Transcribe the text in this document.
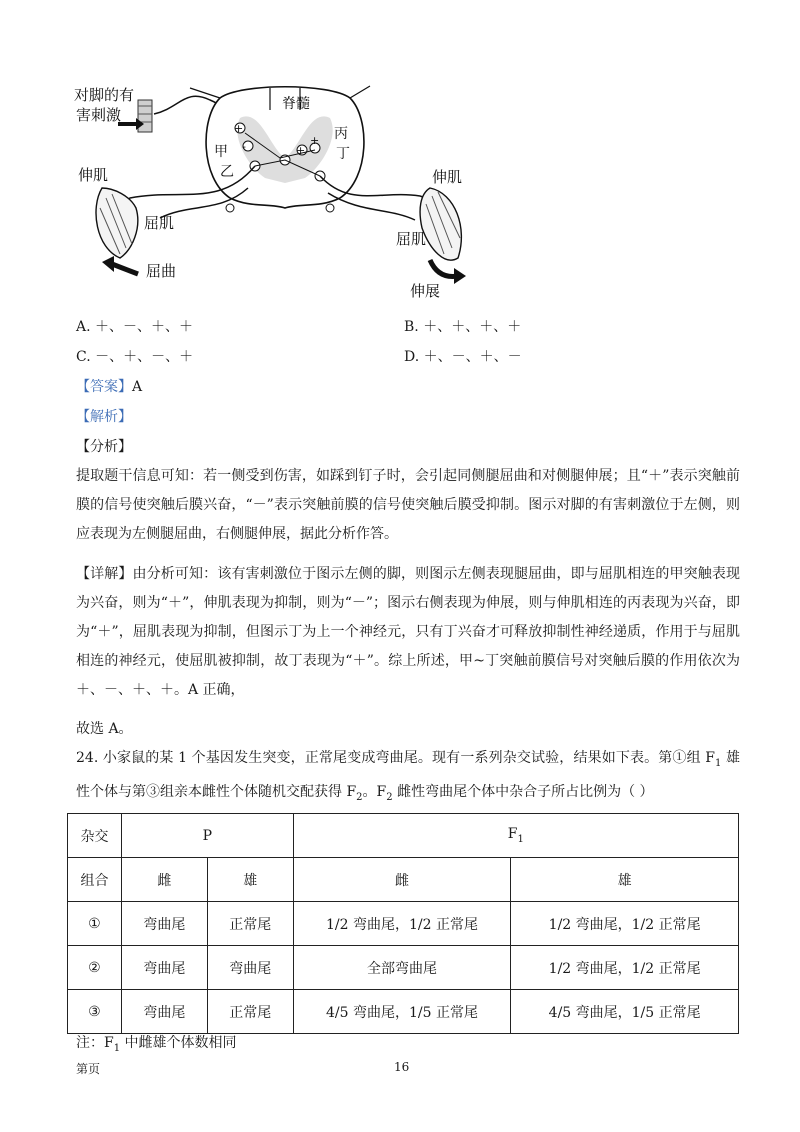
对脚的有
害刺激
脊髓
+
-	+
+
甲
乙
丙
丁
伸肌
屈肌
屈曲
伸肌
屈肌
伸展
A. ＋、－、＋、＋	B. ＋、＋、＋、＋
C. －、＋、－、＋	D. ＋、－、＋、－
【答案】A
【解析】
【分析】

提取题干信息可知：若一侧受到伤害，如踩到钉子时，会引起同侧腿屈曲和对侧腿伸展；且“＋”表示突触前膜的信号使突触后膜兴奋，“－”表示突触前膜的信号使突触后膜受抑制。图示对脚的有害刺激位于左侧，则应表现为左侧腿屈曲，右侧腿伸展，据此分析作答。

【详解】由分析可知：该有害刺激位于图示左侧的脚，则图示左侧表现腿屈曲，即与屈肌相连的甲突触表现为兴奋，则为“＋”，伸肌表现为抑制，则为“－”；图示右侧表现为伸展，则与伸肌相连的丙表现为兴奋，即为“＋”，屈肌表现为抑制，但图示丁为上一个神经元，只有丁兴奋才可释放抑制性神经递质，作用于与屈肌相连的神经元，使屈肌被抑制，故丁表现为“＋”。综上所述，甲~丁突触前膜信号对突触后膜的作用依次为＋、－、＋、＋。A 正确，

故选 A。

24. 小家鼠的某 1 个基因发生突变，正常尾变成弯曲尾。现有一系列杂交试验，结果如下表。第①组 $F_1$ 雄性个体与第③组亲本雌性个体随机交配获得 $F_2$。$F_2$ 雌性弯曲尾个体中杂合子所占比例为（ ）

杂交	P		$F_1$
组合	雌	雄	雌	雄
①	弯曲尾	正常尾	1/2 弯曲尾，1/2 正常尾	1/2 弯曲尾，1/2 正常尾
②	弯曲尾	弯曲尾	全部弯曲尾	1/2 弯曲尾，1/2 正常尾
③	弯曲尾	正常尾	4/5 弯曲尾，1/5 正常尾	4/5 弯曲尾，1/5 正常尾
注：$F_1$ 中雌雄个体数相同
第页	16
